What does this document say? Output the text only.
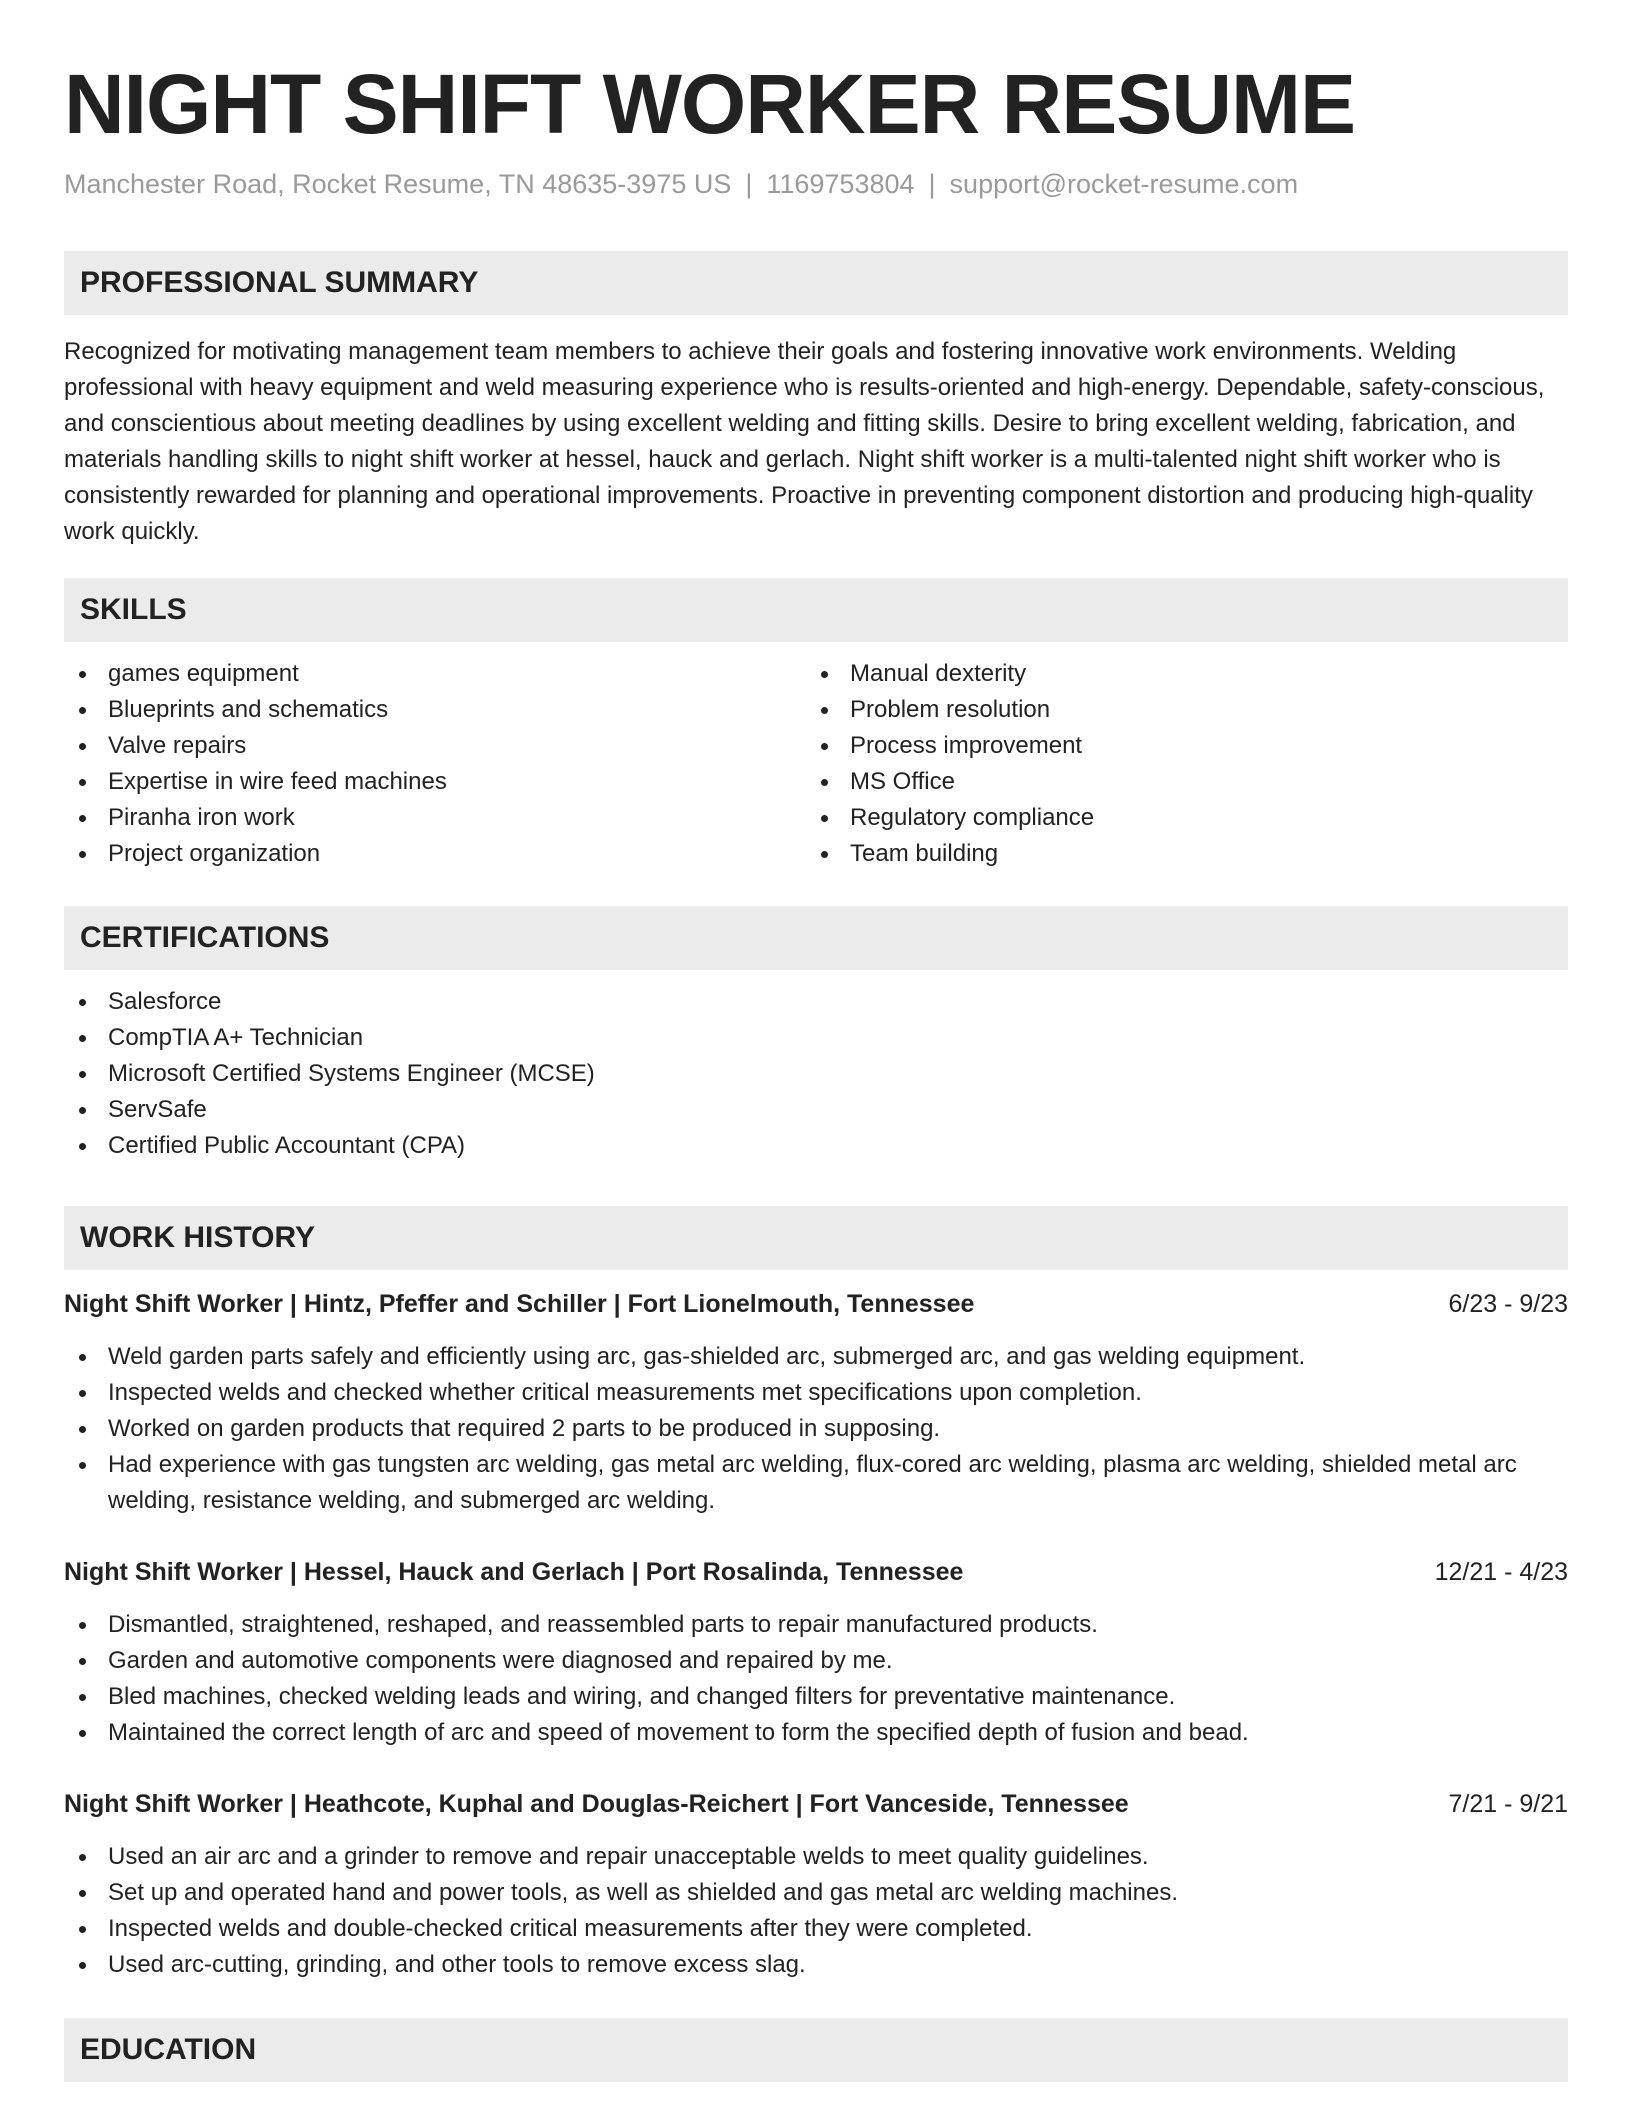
NIGHT SHIFT WORKER RESUME
Manchester Road, Rocket Resume, TN 48635-3975 US | 1169753804 | support@rocket-resume.com
PROFESSIONAL SUMMARY

Recognized for motivating management team members to achieve their goals and fostering innovative work environments. Welding professional with heavy equipment and weld measuring experience who is results-oriented and high-energy. Dependable, safety-conscious, and conscientious about meeting deadlines by using excellent welding and fitting skills. Desire to bring excellent welding, fabrication, and materials handling skills to night shift worker at hessel, hauck and gerlach. Night shift worker is a multi-talented night shift worker who is consistently rewarded for planning and operational improvements. Proactive in preventing component distortion and producing high-quality work quickly.

SKILLS
games equipment
Blueprints and schematics
Valve repairs
Expertise in wire feed machines
Piranha iron work
Project organization
Manual dexterity
Problem resolution
Process improvement
MS Office
Regulatory compliance
Team building
CERTIFICATIONS
Salesforce
CompTIA A+ Technician
Microsoft Certified Systems Engineer (MCSE)
ServSafe
Certified Public Accountant (CPA)
WORK HISTORY
Night Shift Worker | Hintz, Pfeffer and Schiller | Fort Lionelmouth, Tennessee	6/23 - 9/23
Weld garden parts safely and efficiently using arc, gas-shielded arc, submerged arc, and gas welding equipment.
Inspected welds and checked whether critical measurements met specifications upon completion.
Worked on garden products that required 2 parts to be produced in supposing.
Had experience with gas tungsten arc welding, gas metal arc welding, flux-cored arc welding, plasma arc welding, shielded metal arc welding, resistance welding, and submerged arc welding.
Night Shift Worker | Hessel, Hauck and Gerlach | Port Rosalinda, Tennessee	12/21 - 4/23
Dismantled, straightened, reshaped, and reassembled parts to repair manufactured products.
Garden and automotive components were diagnosed and repaired by me.
Bled machines, checked welding leads and wiring, and changed filters for preventative maintenance.
Maintained the correct length of arc and speed of movement to form the specified depth of fusion and bead.
Night Shift Worker | Heathcote, Kuphal and Douglas-Reichert | Fort Vanceside, Tennessee	7/21 - 9/21
Used an air arc and a grinder to remove and repair unacceptable welds to meet quality guidelines.
Set up and operated hand and power tools, as well as shielded and gas metal arc welding machines.
Inspected welds and double-checked critical measurements after they were completed.
Used arc-cutting, grinding, and other tools to remove excess slag.
EDUCATION
